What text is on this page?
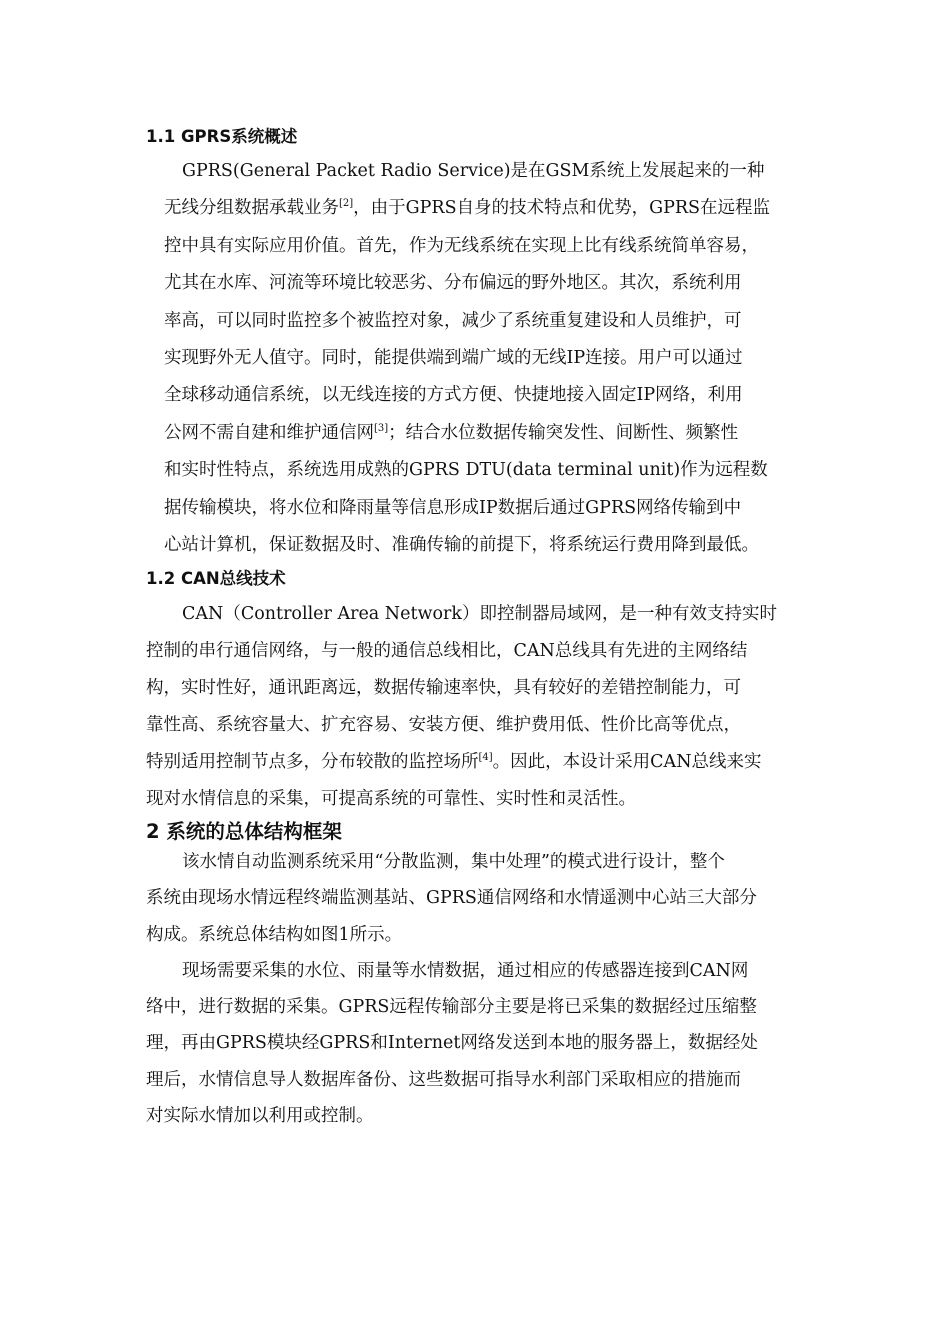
1.1 GPRS系统概述
GPRS(General Packet Radio Service)是在GSM系统上发展起来的一种
无线分组数据承载业务[2]，由于GPRS自身的技术特点和优势，GPRS在远程监
控中具有实际应用价值。首先，作为无线系统在实现上比有线系统简单容易，
尤其在水库、河流等环境比较恶劣、分布偏远的野外地区。其次，系统利用
率高，可以同时监控多个被监控对象，减少了系统重复建设和人员维护，可
实现野外无人值守。同时，能提供端到端广域的无线IP连接。用户可以通过
全球移动通信系统，以无线连接的方式方便、快捷地接入固定IP网络，利用
公网不需自建和维护通信网[3]；结合水位数据传输突发性、间断性、频繁性
和实时性特点，系统选用成熟的GPRS DTU(data terminal unit)作为远程数
据传输模块，将水位和降雨量等信息形成IP数据后通过GPRS网络传输到中
心站计算机，保证数据及时、准确传输的前提下，将系统运行费用降到最低。
1.2 CAN总线技术
CAN（Controller Area Network）即控制器局域网，是一种有效支持实时
控制的串行通信网络，与一般的通信总线相比，CAN总线具有先进的主网络结
构，实时性好，通讯距离远，数据传输速率快，具有较好的差错控制能力，可
靠性高、系统容量大、扩充容易、安装方便、维护费用低、性价比高等优点，
特别适用控制节点多，分布较散的监控场所[4]。因此，本设计采用CAN总线来实
现对水情信息的采集，可提高系统的可靠性、实时性和灵活性。
2 系统的总体结构框架
该水情自动监测系统采用“分散监测，集中处理”的模式进行设计，整个
系统由现场水情远程终端监测基站、GPRS通信网络和水情遥测中心站三大部分
构成。系统总体结构如图1所示。
现场需要采集的水位、雨量等水情数据，通过相应的传感器连接到CAN网
络中，进行数据的采集。GPRS远程传输部分主要是将已采集的数据经过压缩整
理，再由GPRS模块经GPRS和Internet网络发送到本地的服务器上，数据经处
理后，水情信息导人数据库备份、这些数据可指导水利部门采取相应的措施而
对实际水情加以利用或控制。
